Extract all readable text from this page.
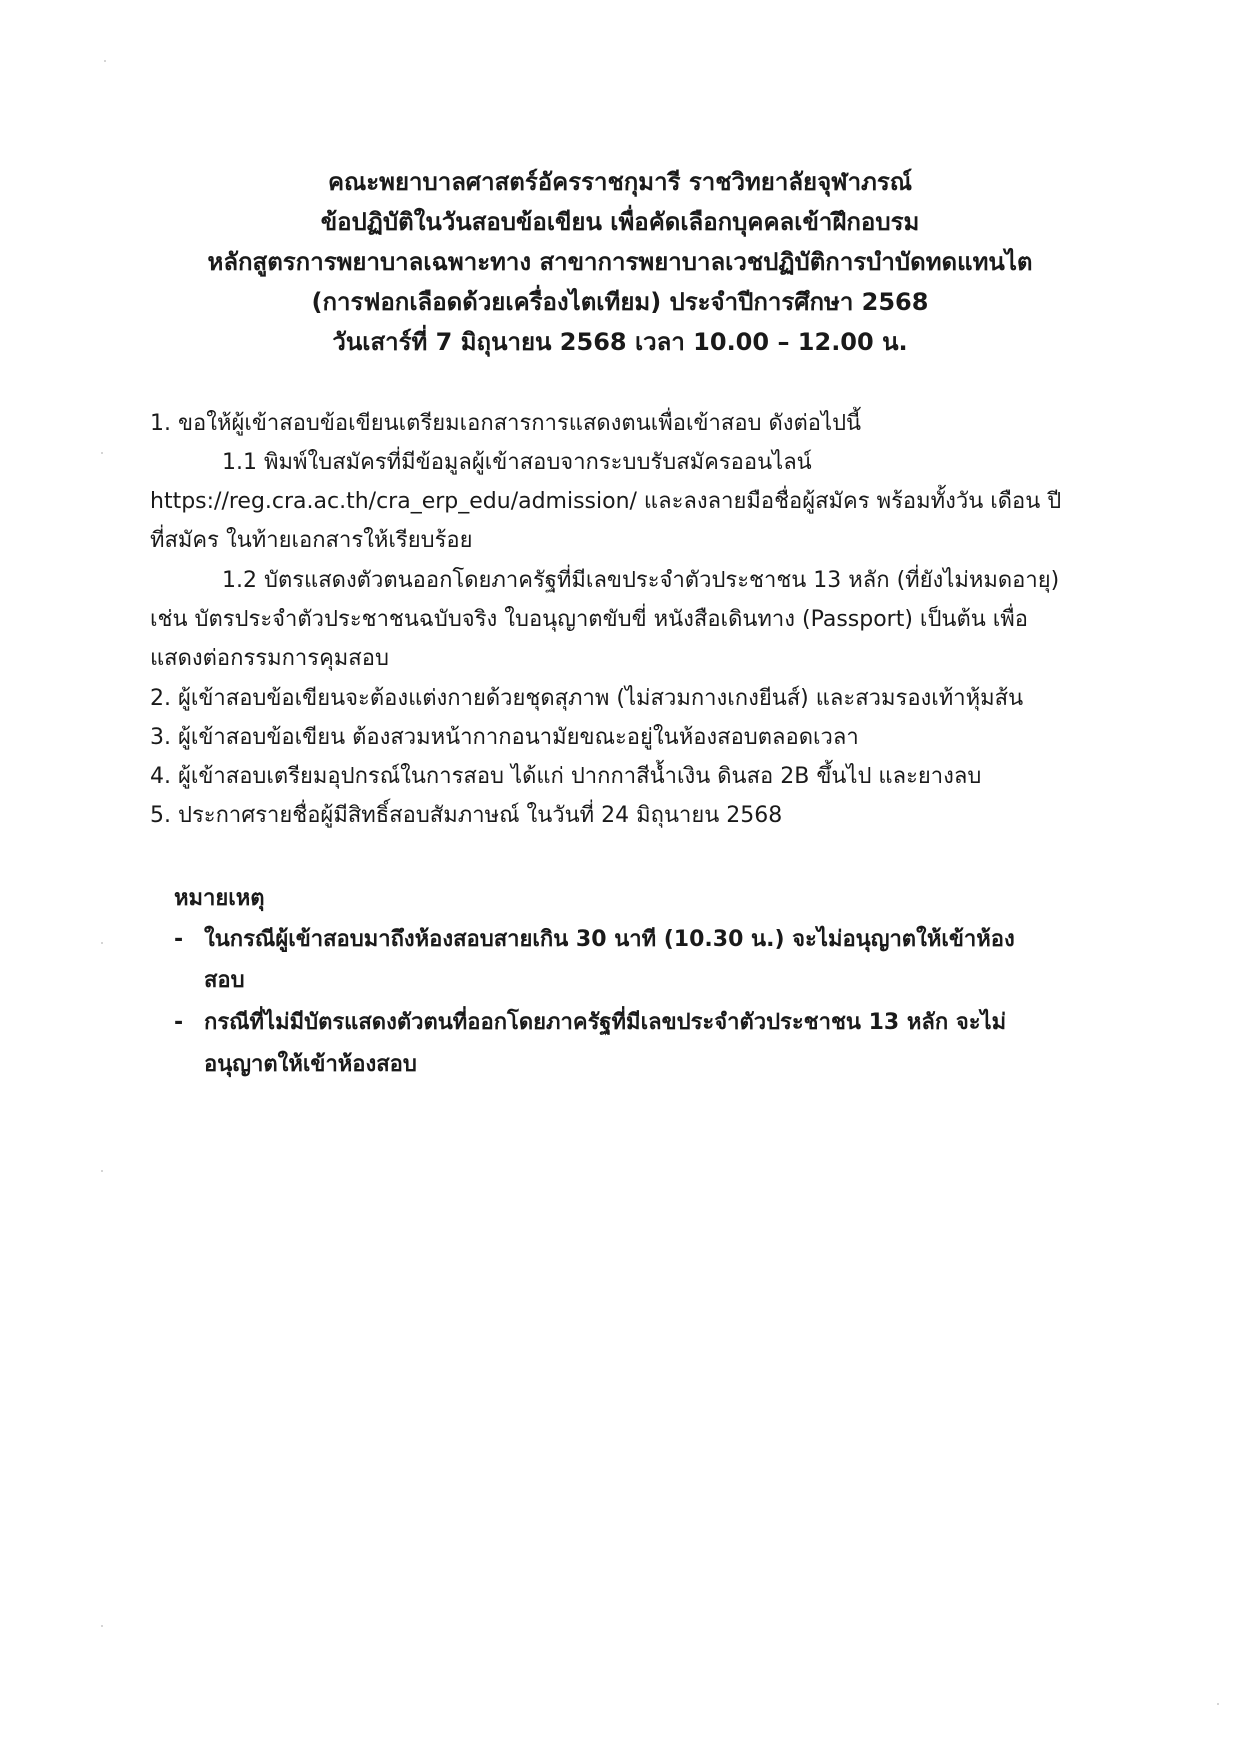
คณะพยาบาลศาสตร์อัครราชกุมารี ราชวิทยาลัยจุฬาภรณ์
ข้อปฏิบัติในวันสอบข้อเขียน เพื่อคัดเลือกบุคคลเข้าฝึกอบรม
หลักสูตรการพยาบาลเฉพาะทาง สาขาการพยาบาลเวชปฏิบัติการบำบัดทดแทนไต
(การฟอกเลือดด้วยเครื่องไตเทียม) ประจำปีการศึกษา 2568
วันเสาร์ที่ 7 มิถุนายน 2568 เวลา 10.00 – 12.00 น.
1. ขอให้ผู้เข้าสอบข้อเขียนเตรียมเอกสารการแสดงตนเพื่อเข้าสอบ ดังต่อไปนี้
1.1 พิมพ์ใบสมัครที่มีข้อมูลผู้เข้าสอบจากระบบรับสมัครออนไลน์
https://reg.cra.ac.th/cra_erp_edu/admission/ และลงลายมือชื่อผู้สมัคร พร้อมทั้งวัน เดือน ปี
ที่สมัคร ในท้ายเอกสารให้เรียบร้อย
1.2 บัตรแสดงตัวตนออกโดยภาครัฐที่มีเลขประจำตัวประชาชน 13 หลัก (ที่ยังไม่หมดอายุ)
เช่น บัตรประจำตัวประชาชนฉบับจริง ใบอนุญาตขับขี่ หนังสือเดินทาง (Passport) เป็นต้น เพื่อ
แสดงต่อกรรมการคุมสอบ
2. ผู้เข้าสอบข้อเขียนจะต้องแต่งกายด้วยชุดสุภาพ (ไม่สวมกางเกงยีนส์) และสวมรองเท้าหุ้มส้น
3. ผู้เข้าสอบข้อเขียน ต้องสวมหน้ากากอนามัยขณะอยู่ในห้องสอบตลอดเวลา
4. ผู้เข้าสอบเตรียมอุปกรณ์ในการสอบ ได้แก่ ปากกาสีน้ำเงิน ดินสอ 2B ขึ้นไป และยางลบ
5. ประกาศรายชื่อผู้มีสิทธิ์สอบสัมภาษณ์ ในวันที่ 24 มิถุนายน 2568
หมายเหตุ
- ในกรณีผู้เข้าสอบมาถึงห้องสอบสายเกิน 30 นาที (10.30 น.) จะไม่อนุญาตให้เข้าห้อง
สอบ
- กรณีที่ไม่มีบัตรแสดงตัวตนที่ออกโดยภาครัฐที่มีเลขประจำตัวประชาชน 13 หลัก จะไม่
อนุญาตให้เข้าห้องสอบ
